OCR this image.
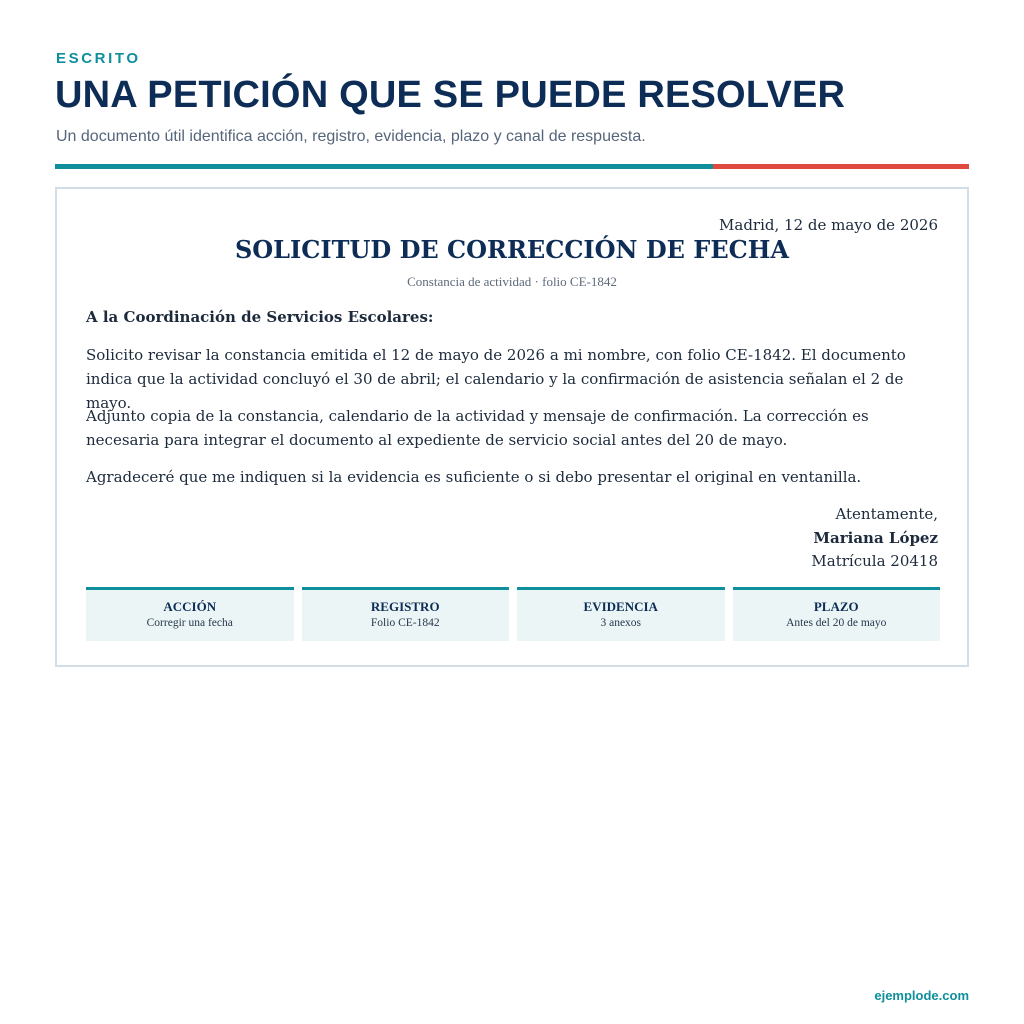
ESCRITO
UNA PETICIÓN QUE SE PUEDE RESOLVER
Un documento útil identifica acción, registro, evidencia, plazo y canal de respuesta.
Madrid, 12 de mayo de 2026
SOLICITUD DE CORRECCIÓN DE FECHA
Constancia de actividad · folio CE-1842
A la Coordinación de Servicios Escolares:

Solicito revisar la constancia emitida el 12 de mayo de 2026 a mi nombre, con folio CE-1842. El documento indica que la actividad concluyó el 30 de abril; el calendario y la confirmación de asistencia señalan el 2 de mayo.

Adjunto copia de la constancia, calendario de la actividad y mensaje de confirmación. La corrección es necesaria para integrar el documento al expediente de servicio social antes del 20 de mayo.

Agradeceré que me indiquen si la evidencia es suficiente o si debo presentar el original en ventanilla.

Atentamente,
Mariana López
Matrícula 20418
ACCIÓN
Corregir una fecha
REGISTRO
Folio CE-1842
EVIDENCIA
3 anexos
PLAZO
Antes del 20 de mayo
ejemplode.com
